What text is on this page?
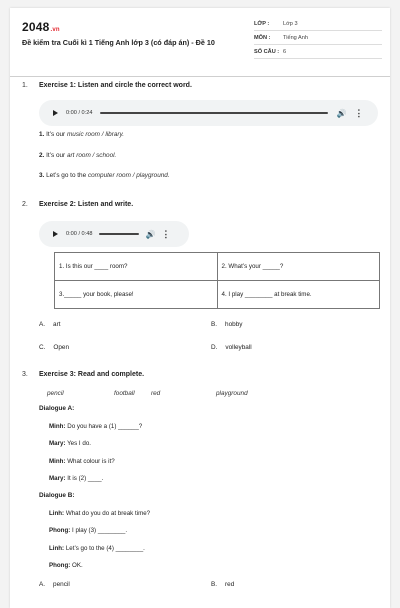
2048.vn
Đề kiểm tra Cuối kì 1 Tiếng Anh lớp 3 (có đáp án) - Đề 10
LỚP :	Lớp 3
MÔN :	Tiếng Anh
SỐ CÂU : 6
1. Exercise 1: Listen and circle the correct word.
0:00 / 0:24	🔊 ⋮
1. It’s our music room / library.
2. It’s our art room / school.
3. Let’s go to the computer room / playground.
2. Exercise 2: Listen and write.
0:00 / 0:48	🔊 ⋮
1. Is this our ____ room?	2. What’s your _____?
3._____ your book, please!	4. I play ________ at break time.
A. art	B. hobby
C. Open	D. volleyball
3. Exercise 3: Read and complete.
pencil	football	red	playground
Dialogue A:
Minh: Do you have a (1) ______?
Mary: Yes I do.
Minh: What colour is it?
Mary: It is (2) ____.
Dialogue B:
Linh: What do you do at break time?
Phong: I play (3) ________.
Linh: Let’s go to the (4) ________.
Phong: OK.
A. pencil	B. red
